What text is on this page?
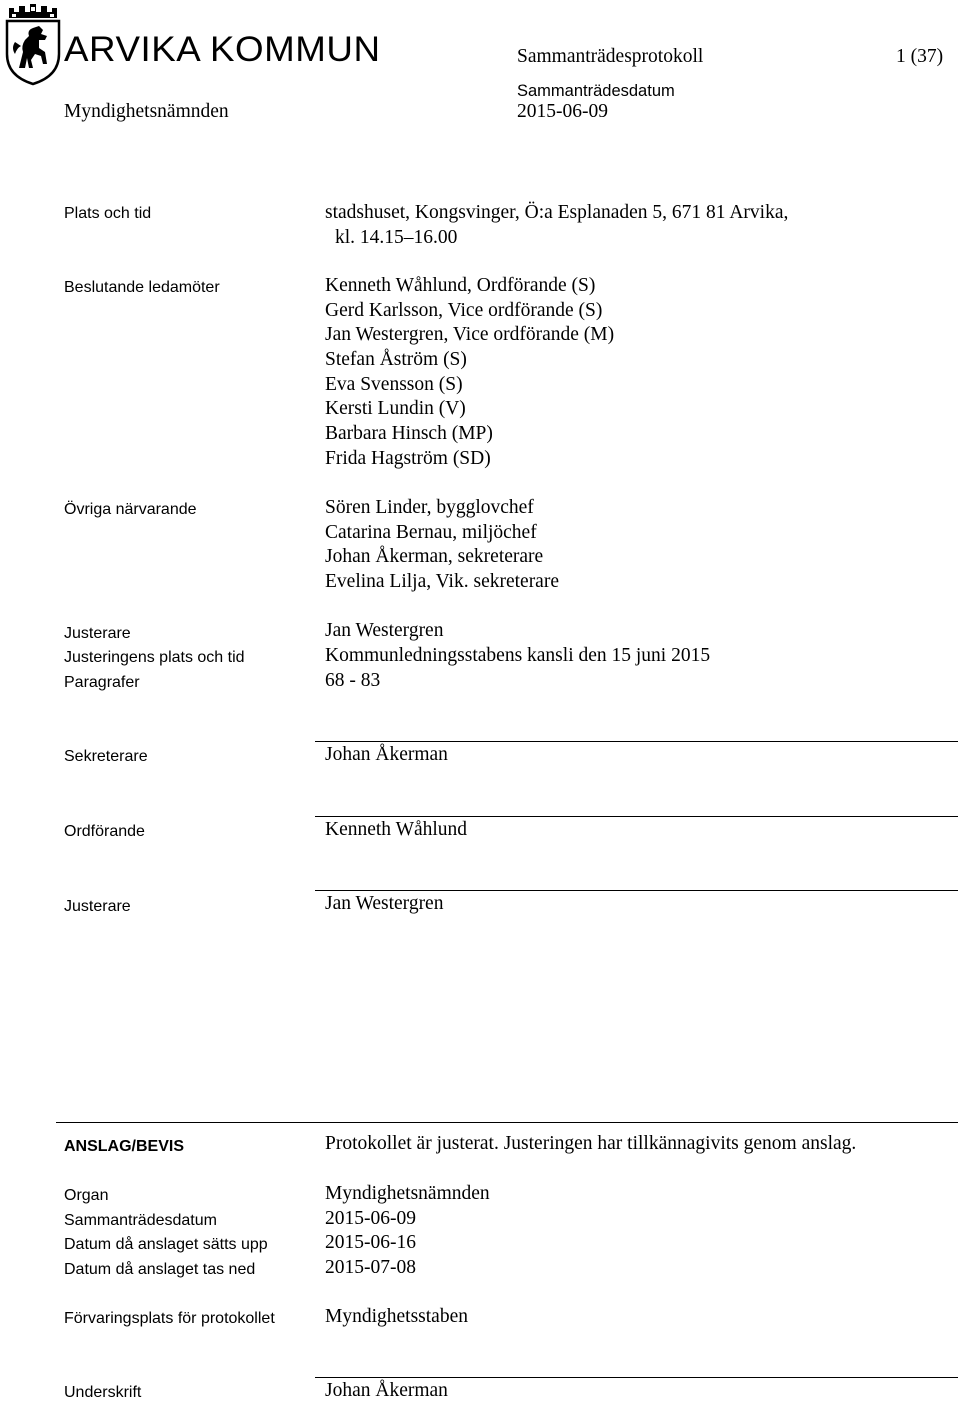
ARVIKA KOMMUN	Sammanträdesprotokoll	1 (37)
Sammanträdesdatum
Myndighetsnämnden	2015-06-09
Plats och tid	stadshuset, Kongsvinger, Ö:a Esplanaden 5, 671 81 Arvika,
kl. 14.15–16.00
Beslutande ledamöter	Kenneth Wåhlund, Ordförande (S)
Gerd Karlsson, Vice ordförande (S)
Jan Westergren, Vice ordförande (M)
Stefan Åström (S)
Eva Svensson (S)
Kersti Lundin (V)
Barbara Hinsch (MP)
Frida Hagström (SD)
Övriga närvarande	Sören Linder, bygglovchef
Catarina Bernau, miljöchef
Johan Åkerman, sekreterare
Evelina Lilja, Vik. sekreterare
Justerare	Jan Westergren
Justeringens plats och tid	Kommunledningsstabens kansli den 15 juni 2015
Paragrafer	68 - 83
Sekreterare	Johan Åkerman
Ordförande	Kenneth Wåhlund
Justerare	Jan Westergren
ANSLAG/BEVIS	Protokollet är justerat. Justeringen har tillkännagivits genom anslag.
Organ	Myndighetsnämnden
Sammanträdesdatum	2015-06-09
Datum då anslaget sätts upp	2015-06-16
Datum då anslaget tas ned	2015-07-08
Förvaringsplats för protokollet	Myndighetsstaben
Underskrift	Johan Åkerman
